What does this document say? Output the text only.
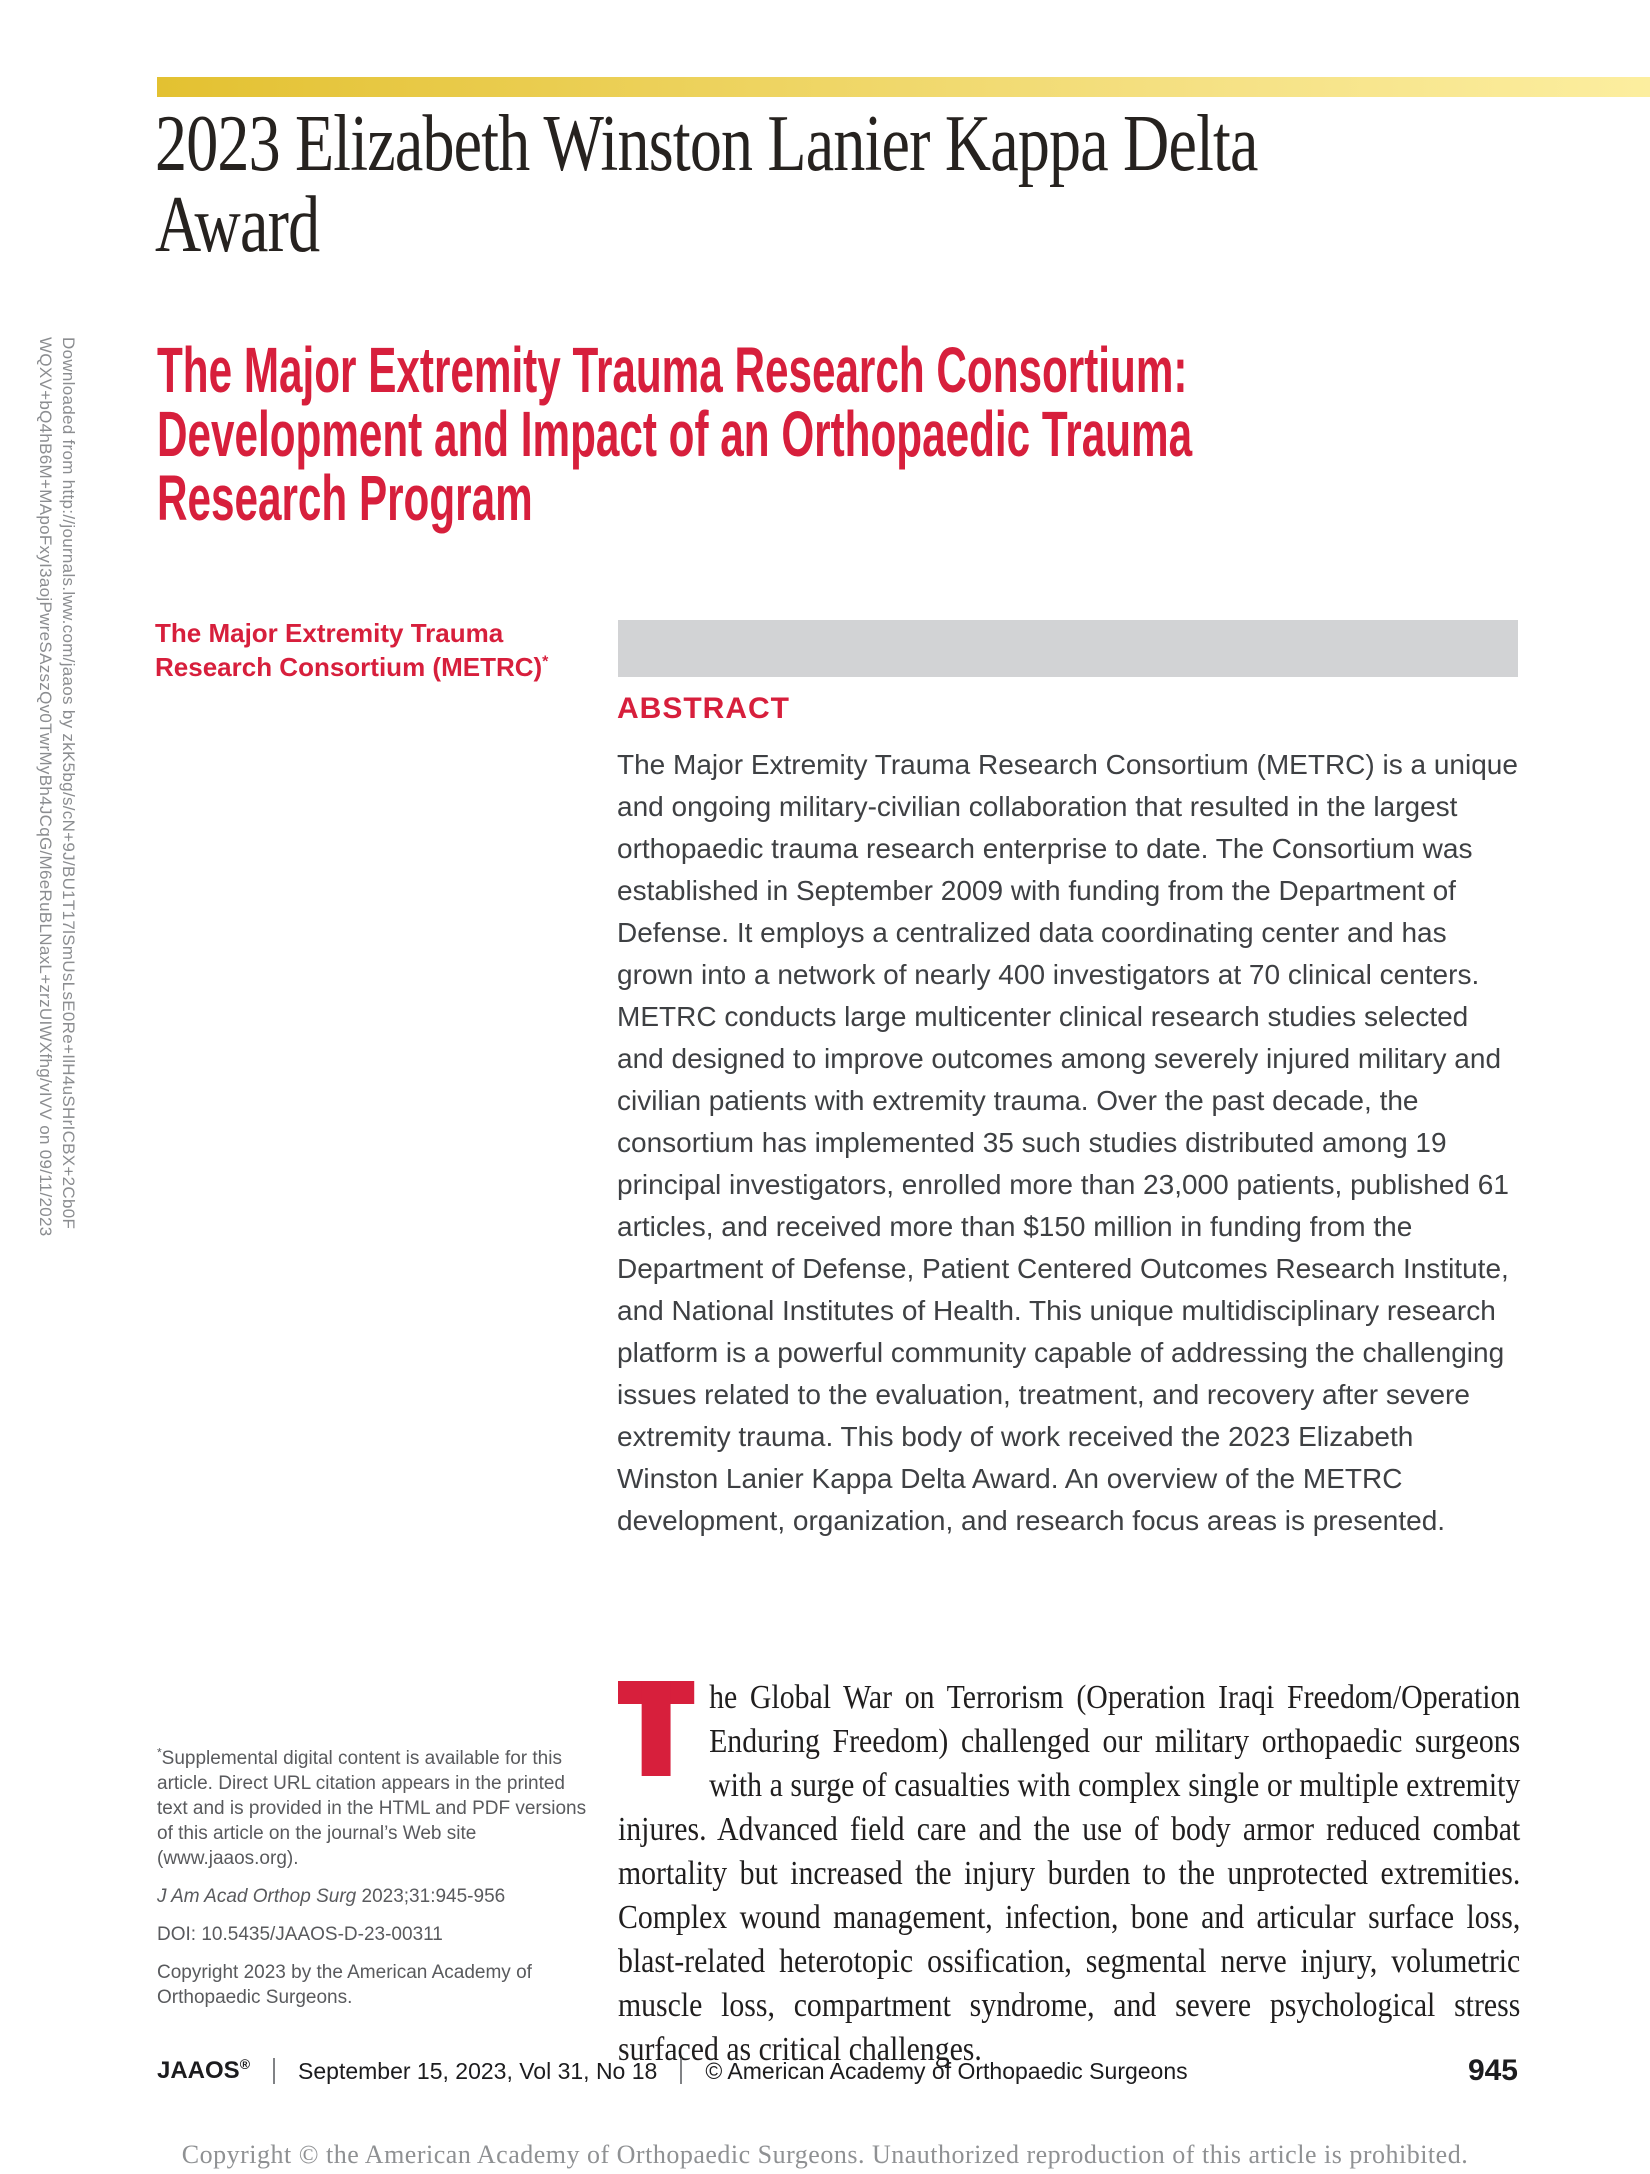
Downloaded from http://journals.lww.com/jaaos by zkK5bg/s/cN+9J/BU1T17lSmUsLsE0Re+IlH4uSHrICBX+2Cb0F
WQXV+bQ4hB6M+MApoFxyI3aojPwreSAzszQv0TwrMyBh4JCqG/M6eRuBLNaxL+zrzUIWXfhg/vIVV on 09/11/2023
2023 Elizabeth Winston Lanier Kappa Delta
Award
The Major Extremity Trauma Research Consortium:
Development and Impact of an Orthopaedic Trauma
Research Program
The Major Extremity Trauma
Research Consortium (METRC)*
ABSTRACT
The Major Extremity Trauma Research Consortium (METRC) is a unique and ongoing military-civilian collaboration that resulted in the largest orthopaedic trauma research enterprise to date. The Consortium was established in September 2009 with funding from the Department of Defense. It employs a centralized data coordinating center and has grown into a network of nearly 400 investigators at 70 clinical centers. METRC conducts large multicenter clinical research studies selected and designed to improve outcomes among severely injured military and civilian patients with extremity trauma. Over the past decade, the consortium has implemented 35 such studies distributed among 19 principal investigators, enrolled more than 23,000 patients, published 61 articles, and received more than $150 million in funding from the Department of Defense, Patient Centered Outcomes Research Institute, and National Institutes of Health. This unique multidisciplinary research platform is a powerful community capable of addressing the challenging issues related to the evaluation, treatment, and recovery after severe extremity trauma. This body of work received the 2023 Elizabeth Winston Lanier Kappa Delta Award. An overview of the METRC development, organization, and research focus areas is presented.

*Supplemental digital content is available for this article. Direct URL citation appears in the printed text and is provided in the HTML and PDF versions of this article on the journal’s Web site (www.jaaos.org).

J Am Acad Orthop Surg 2023;31:945-956

DOI: 10.5435/JAAOS-D-23-00311

Copyright 2023 by the American Academy of Orthopaedic Surgeons.

he Global War on Terrorism (Operation Iraqi Freedom/Operation Enduring Freedom) challenged our military orthopaedic surgeons with a surge of casualties with complex single or multiple extremity injures. Advanced field care and the use of body armor reduced combat mortality but increased the injury burden to the unprotected extremities. Complex wound management, infection, bone and articular surface loss, blast-related heterotopic ossification, segmental nerve injury, volumetric muscle loss, compartment syndrome, and severe psychological stress surfaced as critical challenges.
JAAOS® September 15, 2023, Vol 31, No 18 © American Academy of Orthopaedic Surgeons	945
Copyright © the American Academy of Orthopaedic Surgeons. Unauthorized reproduction of this article is prohibited.
